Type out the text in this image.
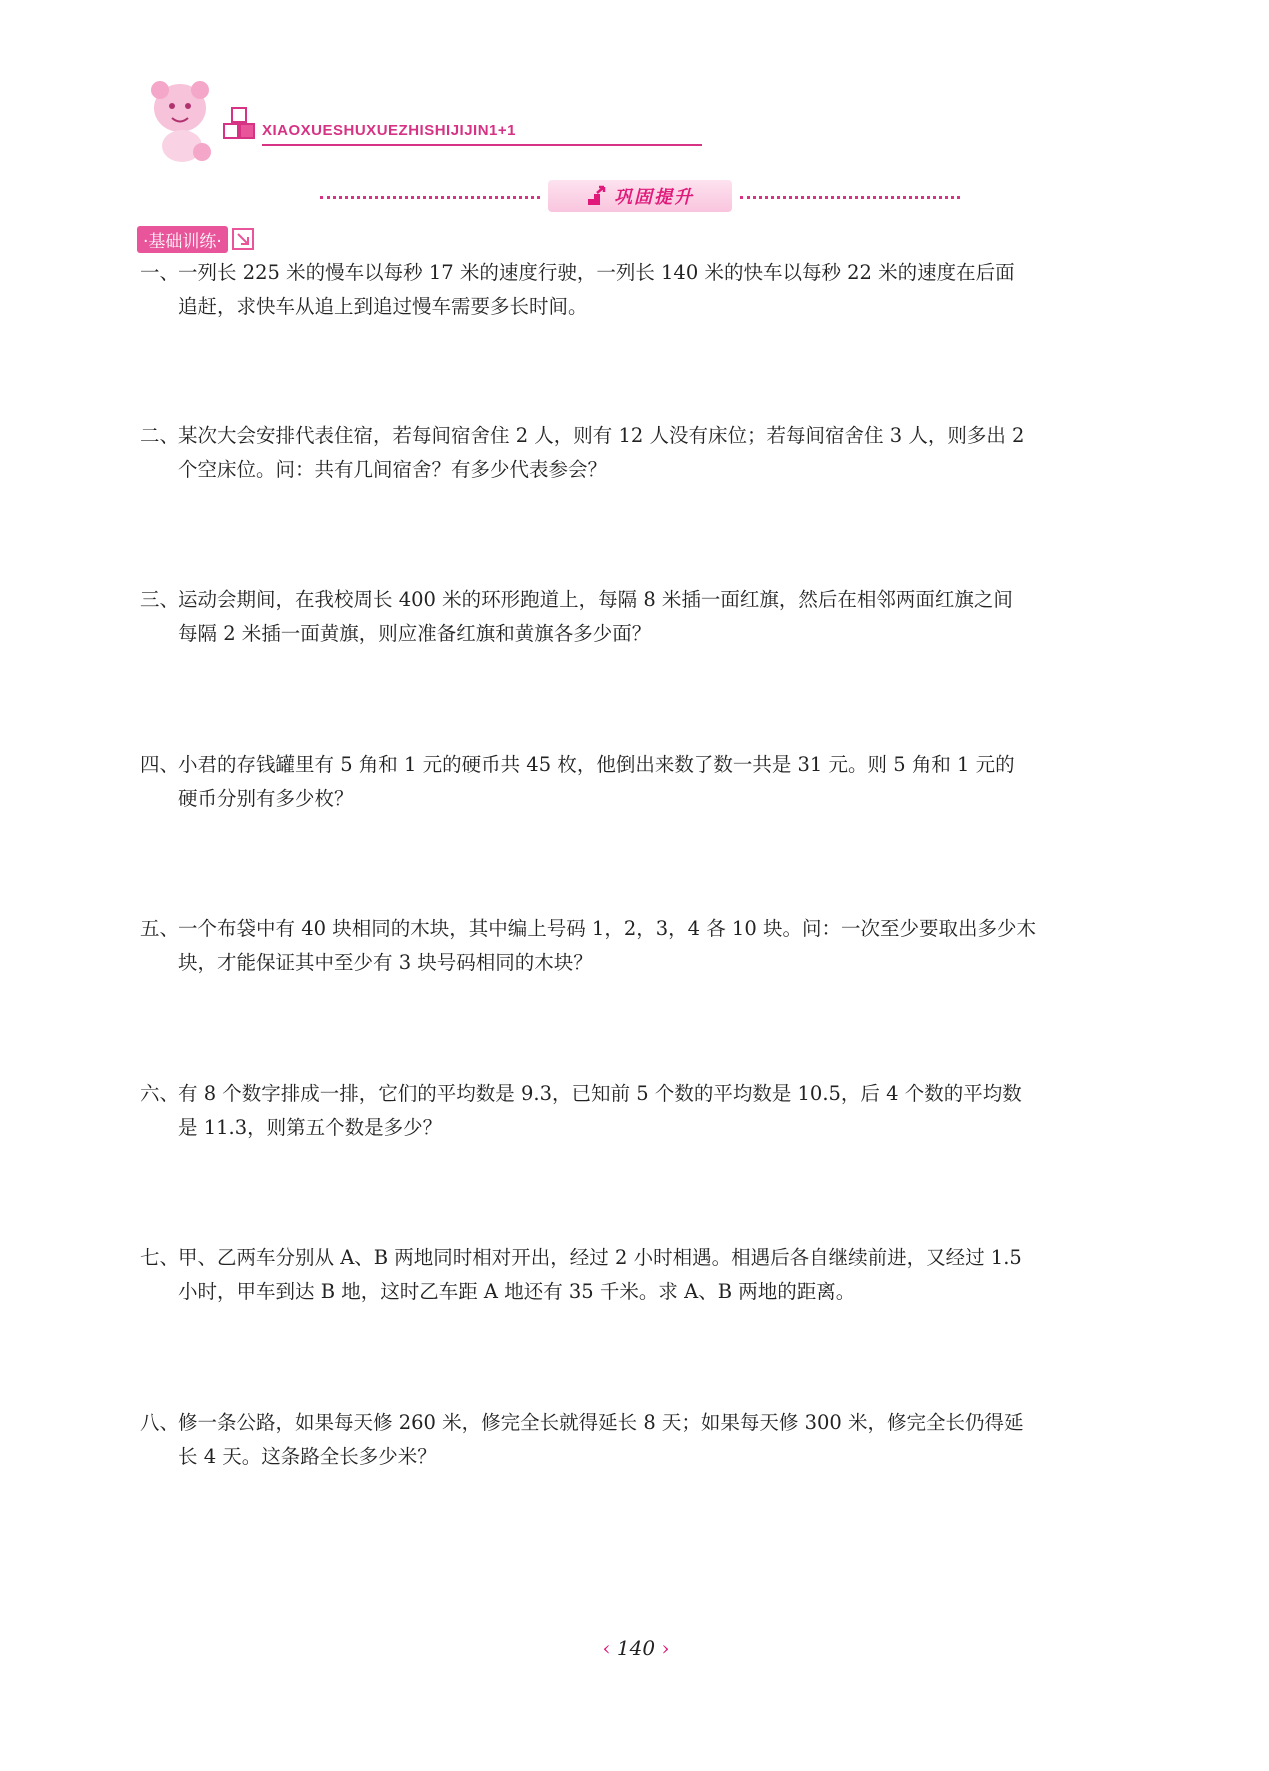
XIAOXUESHUXUEZHISHIJIJIN1+1
巩固提升
·基础训练·
一、
一列长 225 米的慢车以每秒 17 米的速度行驶，一列长 140 米的快车以每秒 22 米的速度在后面
追赶，求快车从追上到追过慢车需要多长时间。
二、
某次大会安排代表住宿，若每间宿舍住 2 人，则有 12 人没有床位；若每间宿舍住 3 人，则多出 2
个空床位。问：共有几间宿舍？有多少代表参会？
三、
运动会期间，在我校周长 400 米的环形跑道上，每隔 8 米插一面红旗，然后在相邻两面红旗之间
每隔 2 米插一面黄旗，则应准备红旗和黄旗各多少面？
四、
小君的存钱罐里有 5 角和 1 元的硬币共 45 枚，他倒出来数了数一共是 31 元。则 5 角和 1 元的
硬币分别有多少枚？
五、
一个布袋中有 40 块相同的木块，其中编上号码 1，2，3，4 各 10 块。问：一次至少要取出多少木
块，才能保证其中至少有 3 块号码相同的木块？
六、
有 8 个数字排成一排，它们的平均数是 9.3，已知前 5 个数的平均数是 10.5，后 4 个数的平均数
是 11.3，则第五个数是多少？
七、
甲、乙两车分别从 A、B 两地同时相对开出，经过 2 小时相遇。相遇后各自继续前进，又经过 1.5
小时，甲车到达 B 地，这时乙车距 A 地还有 35 千米。求 A、B 两地的距离。
八、
修一条公路，如果每天修 260 米，修完全长就得延长 8 天；如果每天修 300 米，修完全长仍得延
长 4 天。这条路全长多少米？
‹ 140 ›
